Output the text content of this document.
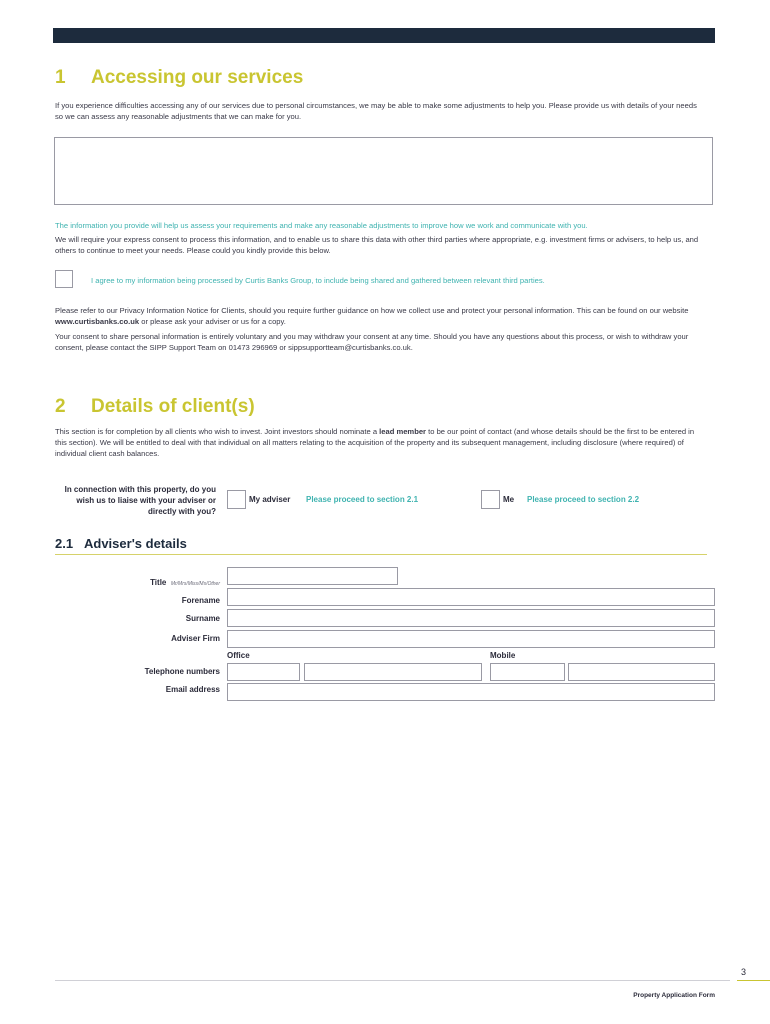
1 Accessing our services
If you experience difficulties accessing any of our services due to personal circumstances, we may be able to make some adjustments to help you. Please provide us with details of your needs so we can assess any reasonable adjustments that we can make for you.
The information you provide will help us assess your requirements and make any reasonable adjustments to improve how we work and communicate with you.
We will require your express consent to process this information, and to enable us to share this data with other third parties where appropriate, e.g. investment firms or advisers, to help us, and others to continue to meet your needs. Please could you kindly provide this below.
I agree to my information being processed by Curtis Banks Group, to include being shared and gathered between relevant third parties.
Please refer to our Privacy Information Notice for Clients, should you require further guidance on how we collect use and protect your personal information. This can be found on our website www.curtisbanks.co.uk or please ask your adviser or us for a copy.
Your consent to share personal information is entirely voluntary and you may withdraw your consent at any time. Should you have any questions about this process, or wish to withdraw your consent, please contact the SIPP Support Team on 01473 296969 or sippsupportteam@curtisbanks.co.uk.
2 Details of client(s)
This section is for completion by all clients who wish to invest. Joint investors should nominate a lead member to be our point of contact (and whose details should be the first to be entered in this section). We will be entitled to deal with that individual on all matters relating to the acquisition of the property and its subsequent management, including disclosure (where required) of individual client cash balances.
In connection with this property, do you wish us to liaise with your adviser or directly with you?
My adviser Please proceed to section 2.1	Me Please proceed to section 2.2
2.1 Adviser's details
Title Mr/Mrs/Miss/Ms/Other
Forename
Surname
Adviser Firm
Office	Mobile
Telephone numbers
Email address
3
Property Application Form
